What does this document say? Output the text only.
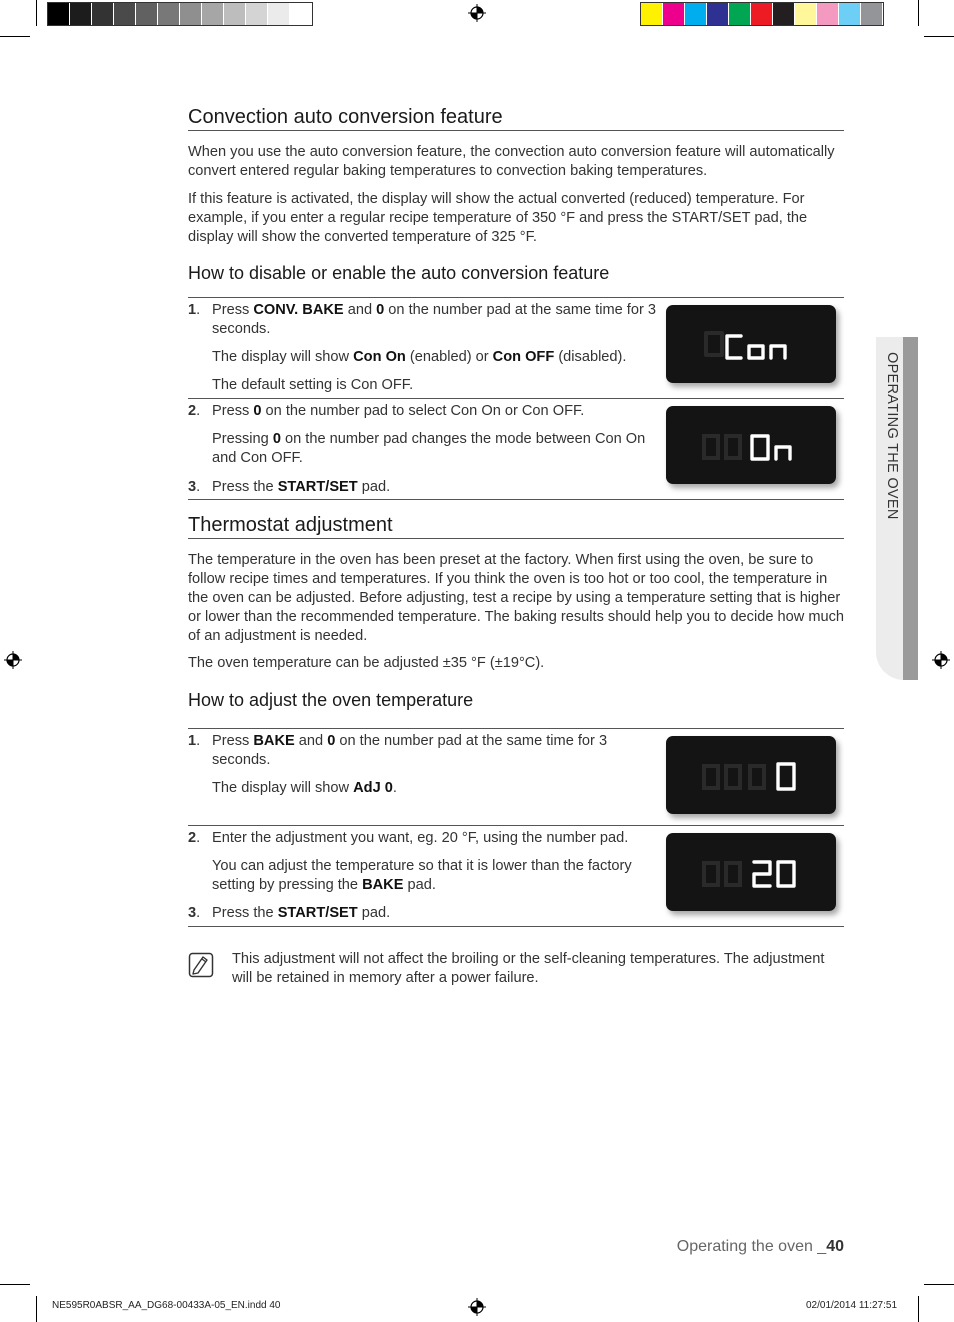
Convection auto conversion feature

When you use the auto conversion feature, the convection auto conversion feature will automatically convert entered regular baking temperatures to convection baking temperatures.

If this feature is activated, the display will show the actual converted (reduced) temperature. For example, if you enter a regular recipe temperature of 350 °F and press the START/SET pad, the display will show the converted temperature of 325 °F.

How to disable or enable the auto conversion feature
1. Press CONV. BAKE and 0 on the number pad at the same time for 3 seconds.

The display will show Con On (enabled) or Con OFF (disabled).

The default setting is Con OFF.

2. Press 0 on the number pad to select Con On or Con OFF.

Pressing 0 on the number pad changes the mode between Con On and Con OFF.

3. Press the START/SET pad.

Thermostat adjustment

The temperature in the oven has been preset at the factory. When first using the oven, be sure to follow recipe times and temperatures. If you think the oven is too hot or too cool, the temperature in the oven can be adjusted. Before adjusting, test a recipe by using a temperature setting that is higher or lower than the recommended temperature. The baking results should help you to decide how much of an adjustment is needed.

The oven temperature can be adjusted ±35 °F (±19°C).

How to adjust the oven temperature
1. Press BAKE and 0 on the number pad at the same time for 3 seconds.

The display will show AdJ 0.

2. Enter the adjustment you want, eg. 20 °F, using the number pad.

You can adjust the temperature so that it is lower than the factory setting by pressing the BAKE pad.

3. Press the START/SET pad.

This adjustment will not affect the broiling or the self-cleaning temperatures. The adjustment will be retained in memory after a power failure.

OPERATING THE OVEN
Operating the oven _40
NE595R0ABSR_AA_DG68-00433A-05_EN.indd 40	02/01/2014 11:27:51
